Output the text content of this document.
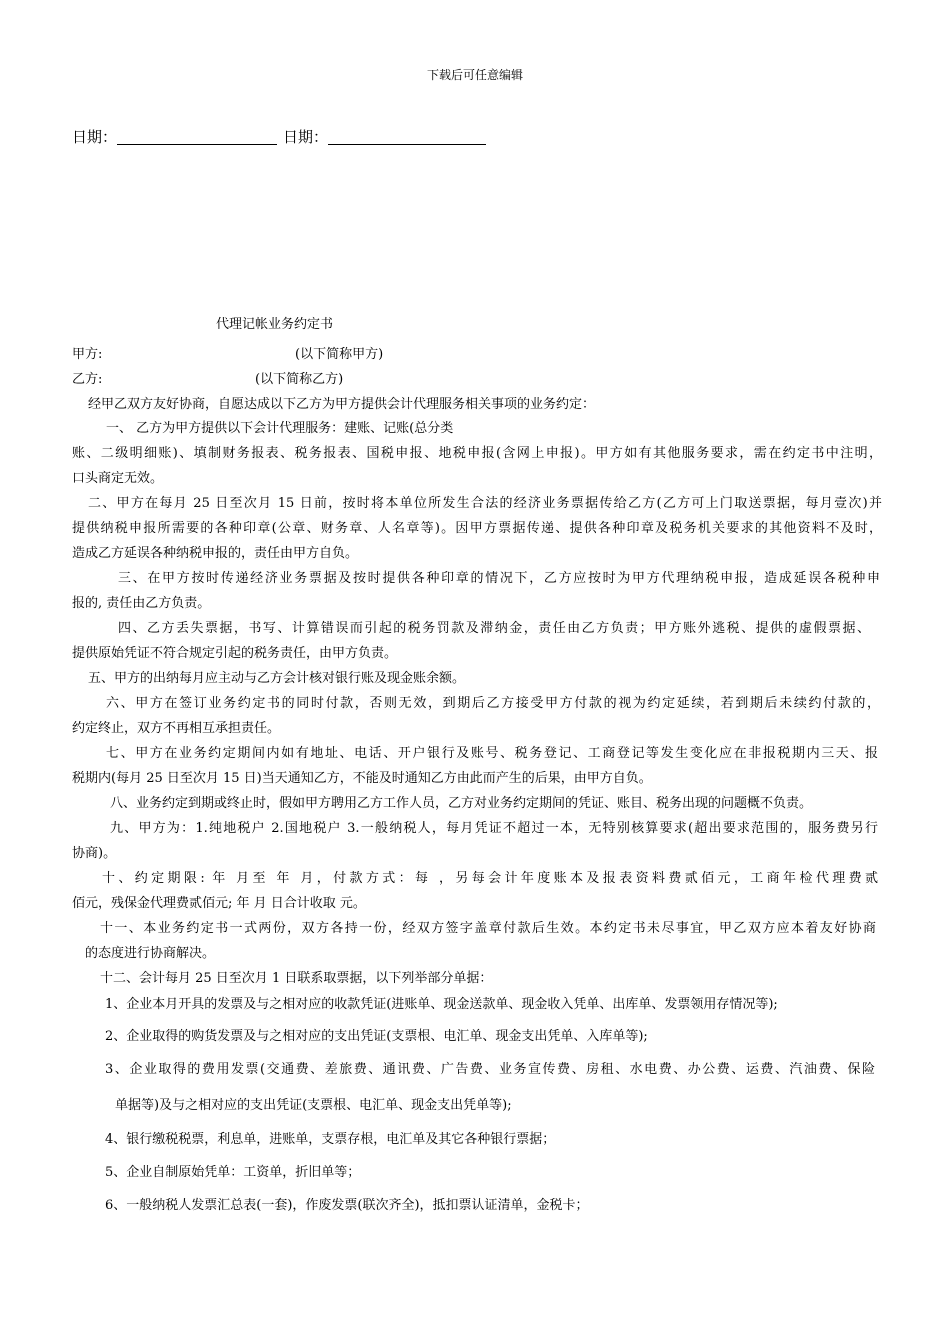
下载后可任意编辑
日期：	日期：
代理记帐业务约定书
甲方:	(以下简称甲方)
乙方:	(以下简称乙方)
经甲乙双方友好协商，自愿达成以下乙方为甲方提供会计代理服务相关事项的业务约定：
一、 乙方为甲方提供以下会计代理服务：建账、记账(总分类
账、二级明细账)、填制财务报表、税务报表、国税申报、地税申报(含网上申报)。甲方如有其他服务要求，需在约定书中注明，
口头商定无效。
二、甲方在每月 25 日至次月 15 日前，按时将本单位所发生合法的经济业务票据传给乙方(乙方可上门取送票据，每月壹次)并
提供纳税申报所需要的各种印章(公章、财务章、人名章等)。因甲方票据传递、提供各种印章及税务机关要求的其他资料不及时，
造成乙方延误各种纳税申报的，责任由甲方自负。
三、在甲方按时传递经济业务票据及按时提供各种印章的情况下，乙方应按时为甲方代理纳税申报，造成延误各税种申
报的, 责任由乙方负责。
四、乙方丢失票据，书写、计算错误而引起的税务罚款及滞纳金，责任由乙方负责；甲方账外逃税、提供的虚假票据、
提供原始凭证不符合规定引起的税务责任，由甲方负责。
五、甲方的出纳每月应主动与乙方会计核对银行账及现金账余额。
六、甲方在签订业务约定书的同时付款，否则无效，到期后乙方接受甲方付款的视为约定延续，若到期后未续约付款的，
约定终止，双方不再相互承担责任。
七、甲方在业务约定期间内如有地址、电话、开户银行及账号、税务登记、工商登记等发生变化应在非报税期内三天、报
税期内(每月 25 日至次月 15 日)当天通知乙方，不能及时通知乙方由此而产生的后果，由甲方自负。
八、业务约定到期或终止时，假如甲方聘用乙方工作人员，乙方对业务约定期间的凭证、账目、税务出现的问题概不负责。
九、甲方为：1.纯地税户 2.国地税户 3.一般纳税人，每月凭证不超过一本，无特别核算要求(超出要求范围的，服务费另行
协商)。
十、约定期限: 年 月至 年 月，付款方式：每 ，另每会计年度账本及报表资料费贰佰元，工商年检代理费贰
佰元，残保金代理费贰佰元; 年 月 日合计收取 元。
十一、本业务约定书一式两份，双方各持一份，经双方签字盖章付款后生效。本约定书未尽事宜，甲乙双方应本着友好协商
的态度进行协商解决。
十二、会计每月 25 日至次月 1 日联系取票据，以下列举部分单据：
1、企业本月开具的发票及与之相对应的收款凭证(进账单、现金送款单、现金收入凭单、出库单、发票领用存情况等);
2、企业取得的购货发票及与之相对应的支出凭证(支票根、电汇单、现金支出凭单、入库单等);
3、企业取得的费用发票(交通费、差旅费、通讯费、广告费、业务宣传费、房租、水电费、办公费、运费、汽油费、保险
单据等)及与之相对应的支出凭证(支票根、电汇单、现金支出凭单等);
4、银行缴税税票，利息单，进账单，支票存根，电汇单及其它各种银行票据；
5、企业自制原始凭单：工资单，折旧单等；
6、一般纳税人发票汇总表(一套)，作废发票(联次齐全)，抵扣票认证清单，金税卡；
